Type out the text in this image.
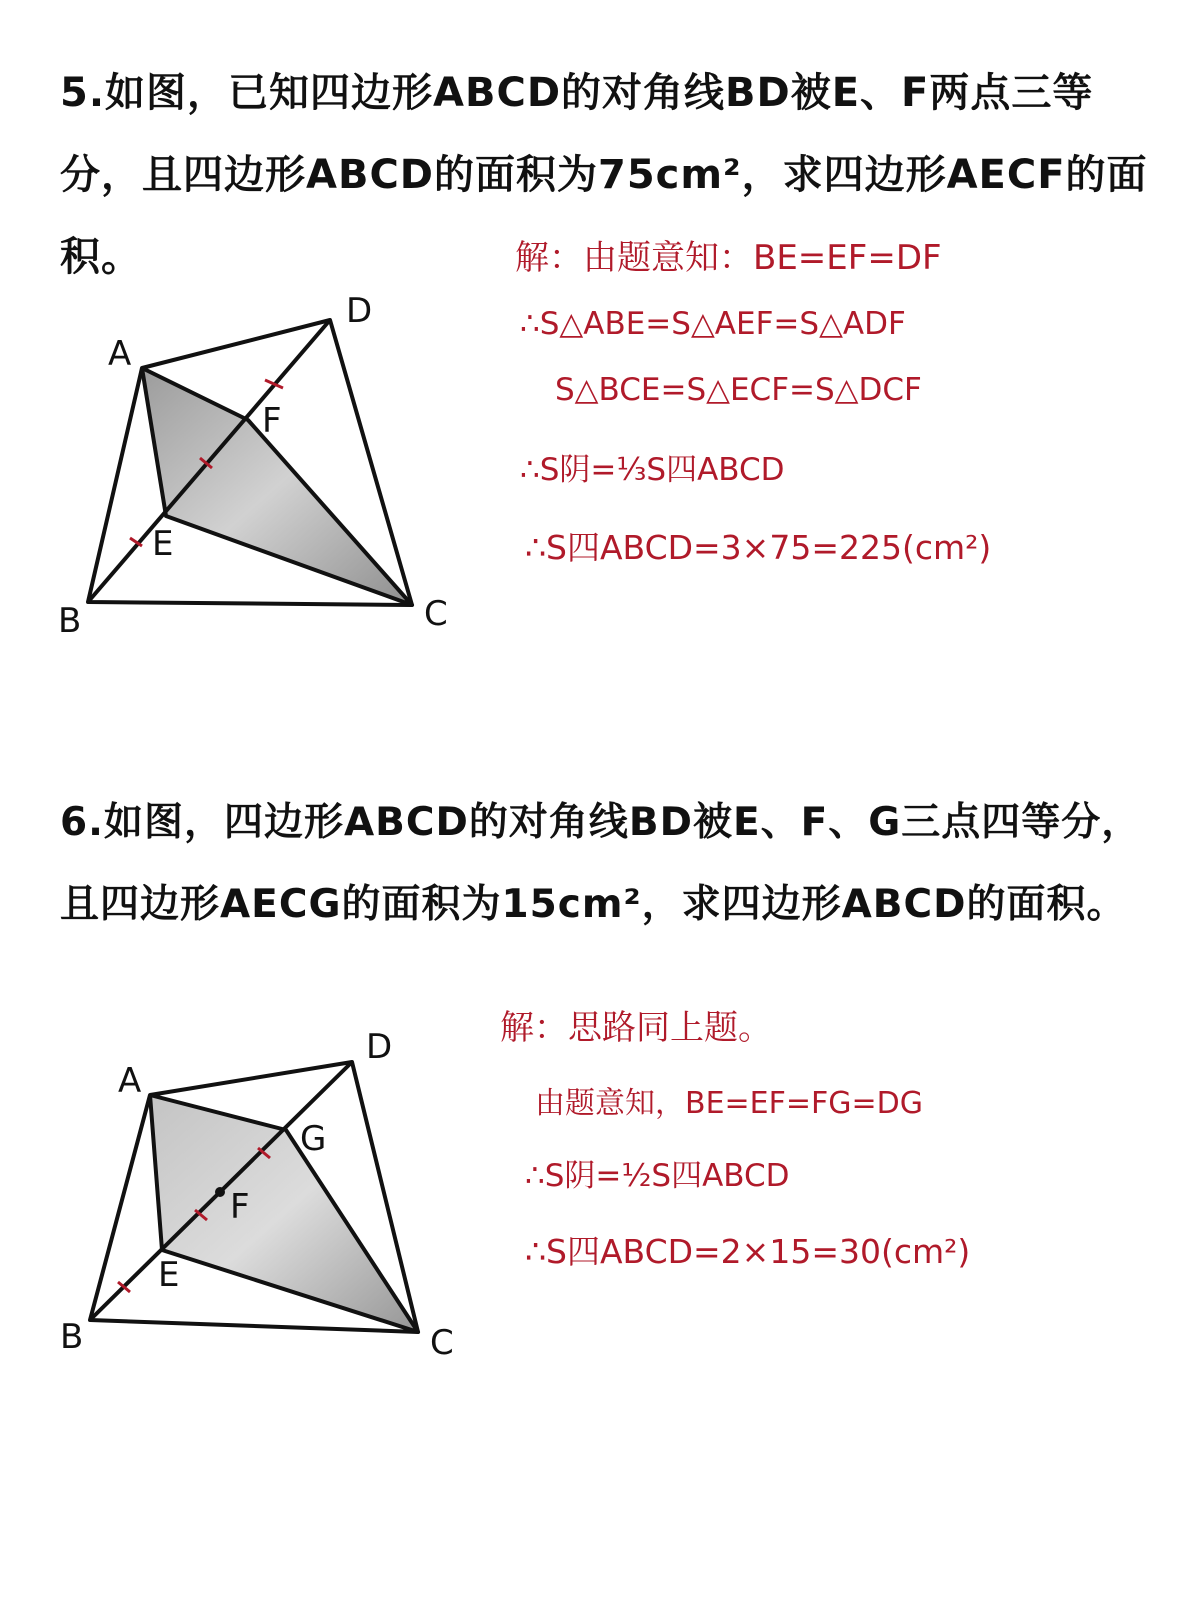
5.如图，已知四边形ABCD的对角线BD被E、F两点三等分，且四边形ABCD的面积为75cm²，求四边形AECF的面积。

A
D
F
E
B	C
解：由题意知：BE=EF=DF
∴S△ABE=S△AEF=S△ADF
S△BCE=S△ECF=S△DCF
∴S阴=⅓S四ABCD
∴S四ABCD=3×75=225(cm²)

6.如图，四边形ABCD的对角线BD被E、F、G三点四等分，且四边形AECG的面积为15cm²，求四边形ABCD的面积。

A
D
G
F
E
B	C
解：思路同上题。
由题意知，BE=EF=FG=DG
∴S阴=½S四ABCD
∴S四ABCD=2×15=30(cm²)
